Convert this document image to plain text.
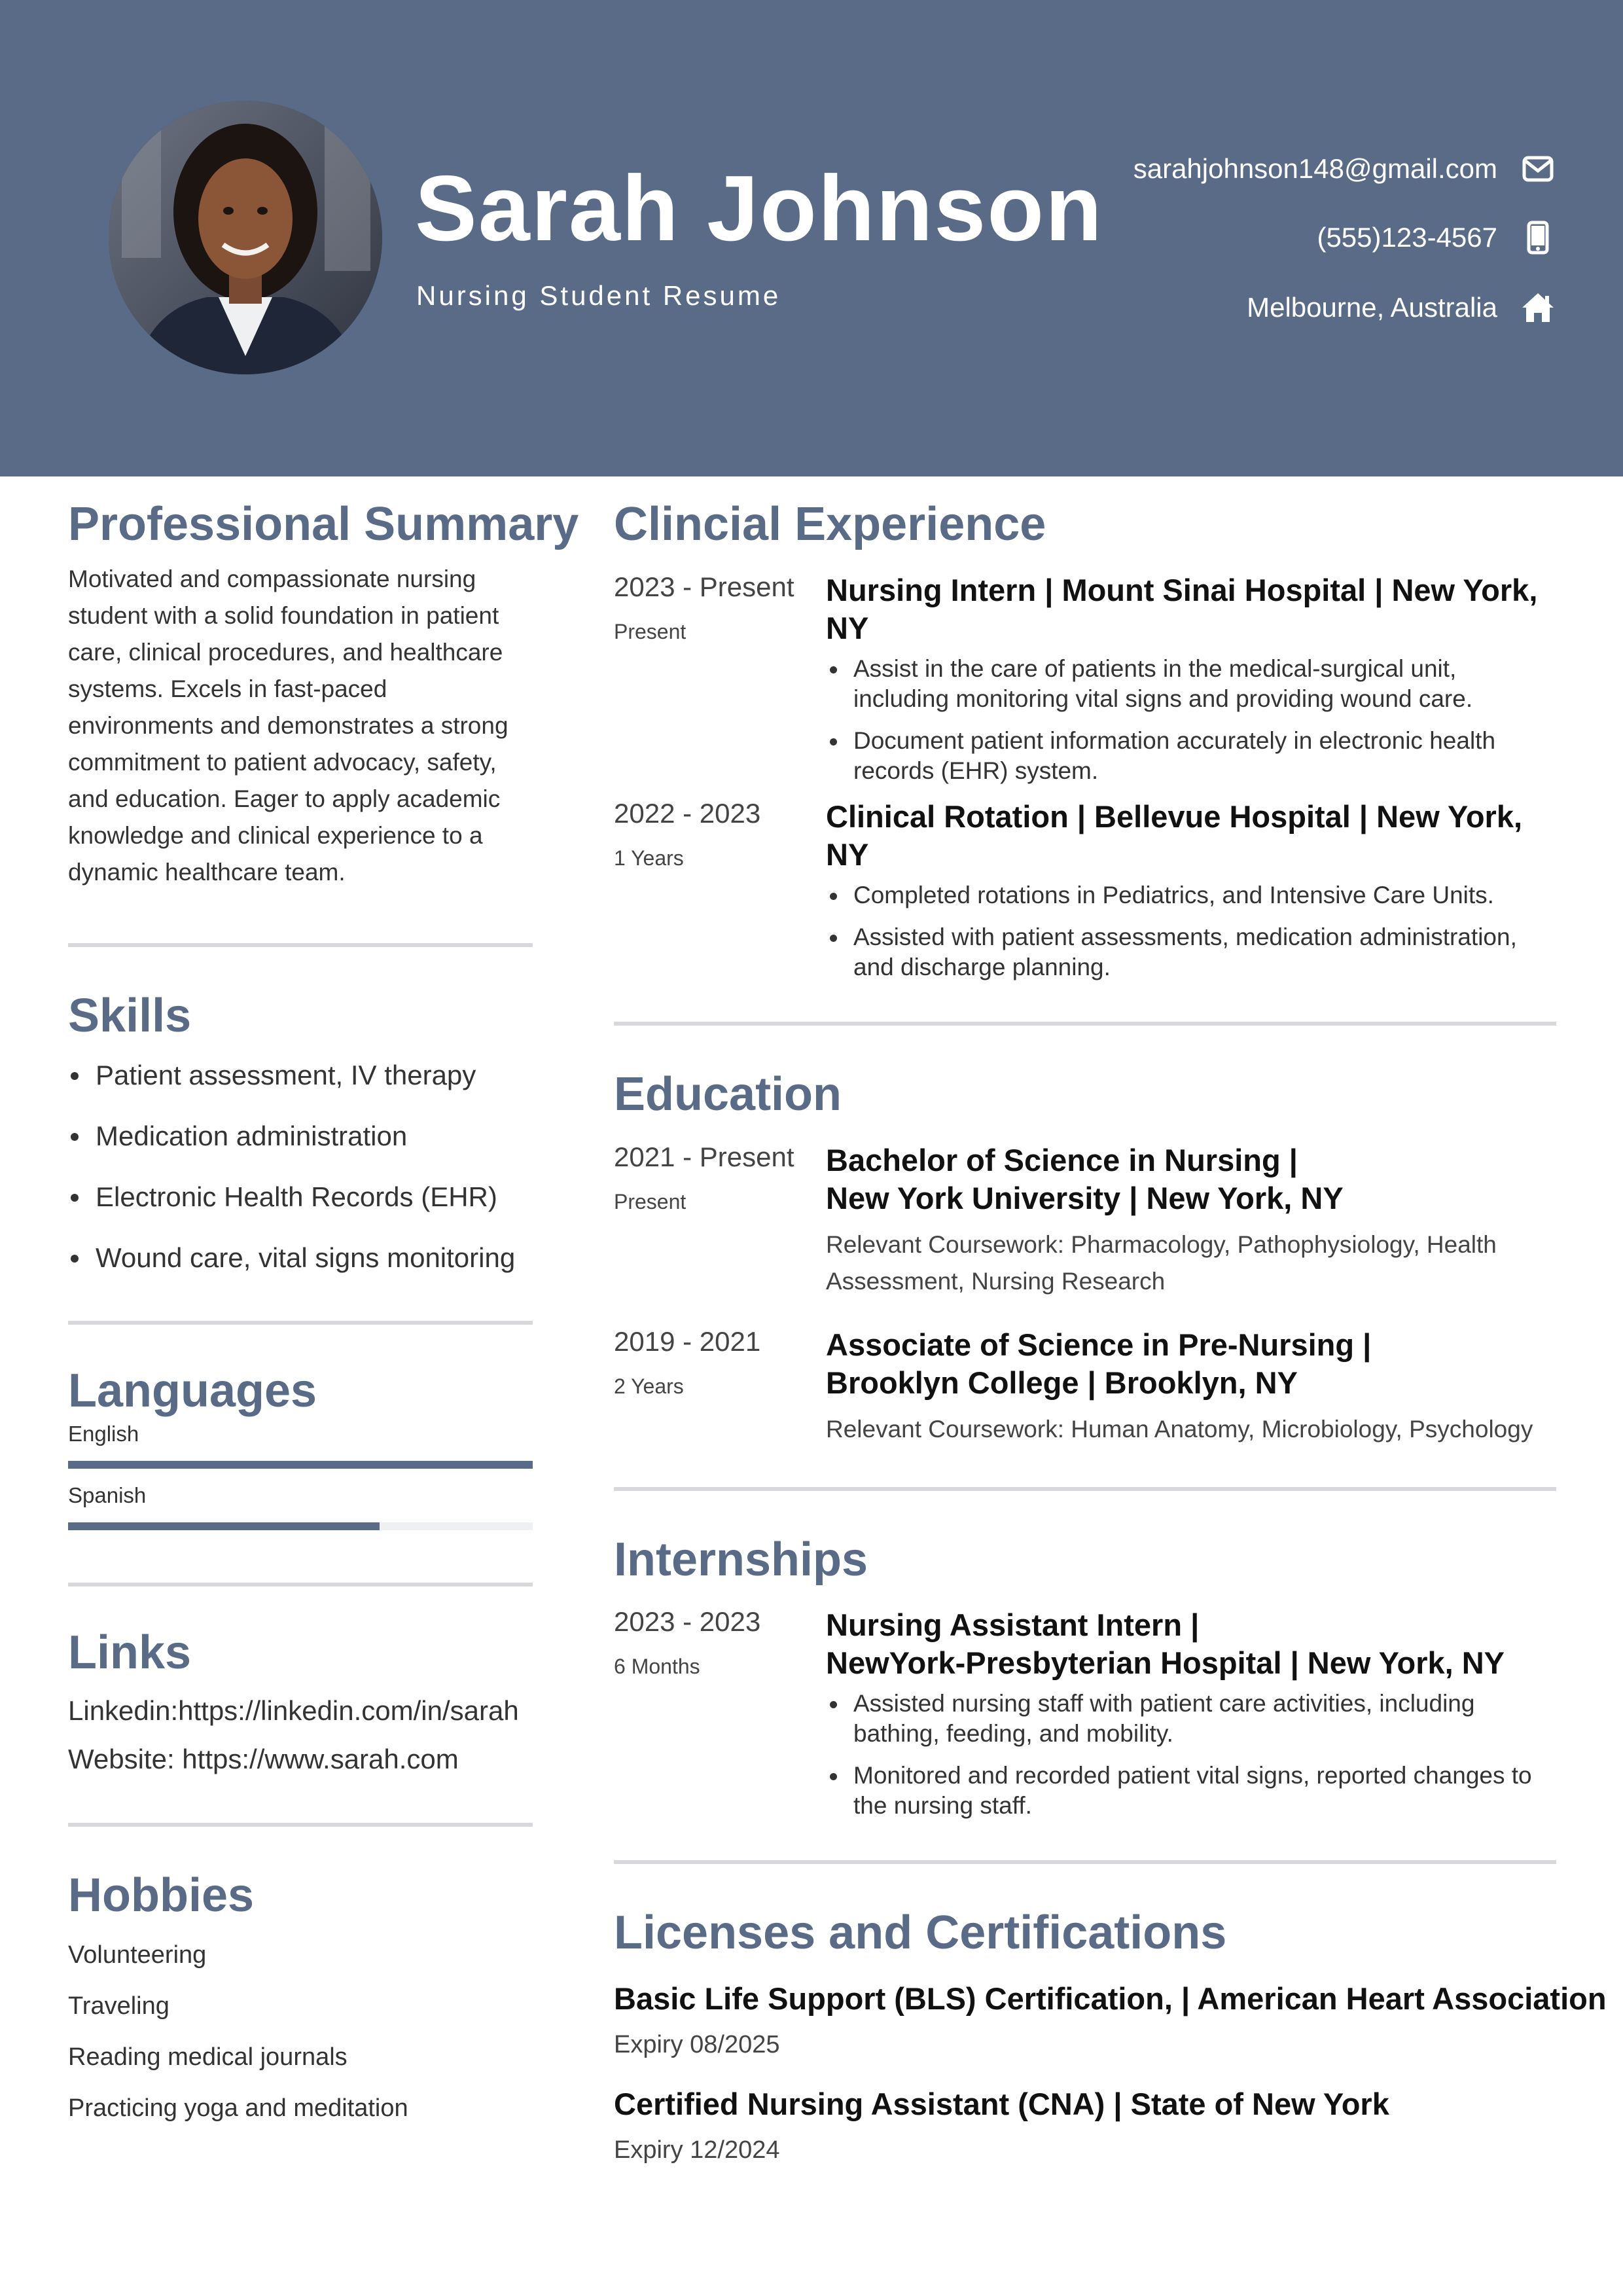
Sarah Johnson
Nursing Student Resume
sarahjohnson148@gmail.com
(555)123-4567
Melbourne, Australia
Professional Summary
Motivated and compassionate nursing student with a solid foundation in patient care, clinical procedures, and healthcare systems. Excels in fast-paced environments and demonstrates a strong commitment to patient advocacy, safety, and education. Eager to apply academic knowledge and clinical experience to a dynamic healthcare team.
Skills
Patient assessment, IV therapy
Medication administration
Electronic Health Records (EHR)
Wound care, vital signs monitoring
Languages
English
Spanish
Links
Linkedin:https://linkedin.com/in/sarah
Website: https://www.sarah.com
Hobbies
Volunteering
Traveling
Reading medical journals
Practicing yoga and meditation
Clincial Experience
2023 - Present
Present
Nursing Intern | Mount Sinai Hospital | New York, NY
Assist in the care of patients in the medical-surgical unit, including monitoring vital signs and providing wound care.
Document patient information accurately in electronic health records (EHR) system.
2022 - 2023
1 Years
Clinical Rotation | Bellevue Hospital | New York, NY
Completed rotations in Pediatrics, and Intensive Care Units.
Assisted with patient assessments, medication administration, and discharge planning.
Education
2021 - Present
Present
Bachelor of Science in Nursing |
New York University | New York, NY
Relevant Coursework: Pharmacology, Pathophysiology, Health Assessment, Nursing Research
2019 - 2021
2 Years
Associate of Science in Pre-Nursing |
Brooklyn College | Brooklyn, NY
Relevant Coursework: Human Anatomy, Microbiology, Psychology
Internships
2023 - 2023
6 Months
Nursing Assistant Intern |
NewYork-Presbyterian Hospital | New York, NY
Assisted nursing staff with patient care activities, including bathing, feeding, and mobility.
Monitored and recorded patient vital signs, reported changes to the nursing staff.
Licenses and Certifications
Basic Life Support (BLS) Certification, | American Heart Association
Expiry 08/2025
Certified Nursing Assistant (CNA) | State of New York
Expiry 12/2024
